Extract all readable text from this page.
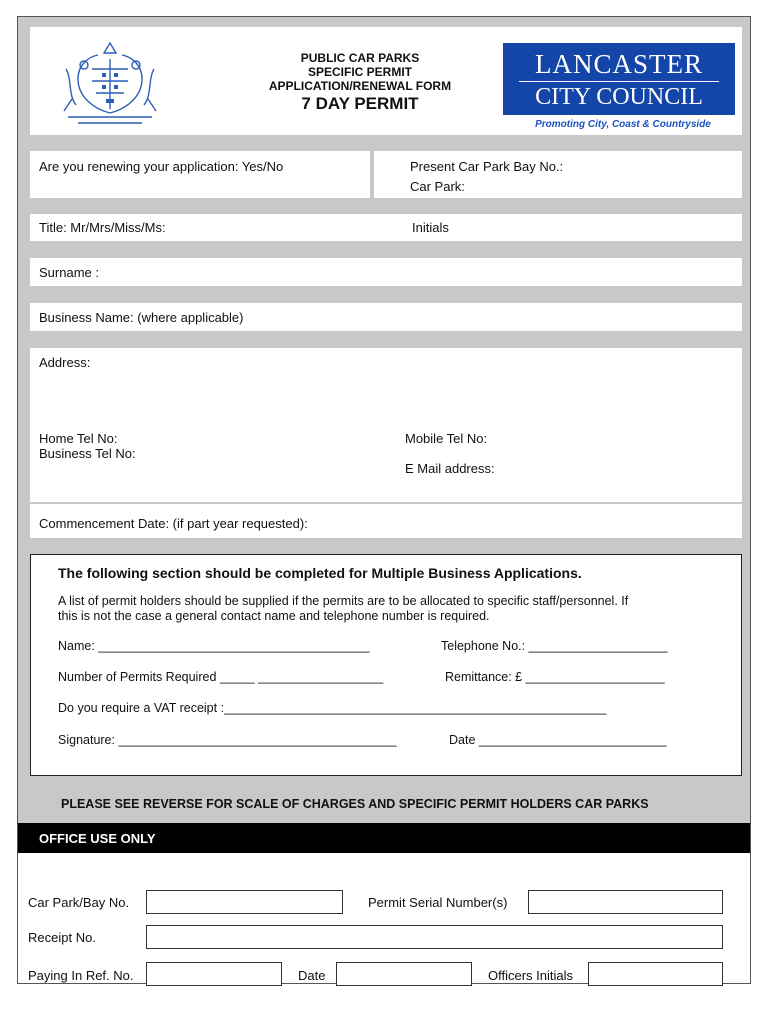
PUBLIC CAR PARKS
SPECIFIC PERMIT
APPLICATION/RENEWAL FORM
7 DAY PERMIT
LANCASTER
CITY COUNCIL
Promoting City, Coast & Countryside
Are you renewing your application: Yes/No	Present Car Park Bay No.:
Car Park:
Title: Mr/Mrs/Miss/Ms:	Initials
Surname :
Business Name: (where applicable)
Address:
Home Tel No:
Business Tel No:
Mobile Tel No:
E Mail address:
Commencement Date: (if part year requested):
The following section should be completed for Multiple Business Applications.
A list of permit holders should be supplied if the permits are to be allocated to specific staff/personnel. If
this is not the case a general contact name and telephone number is required.
Name: _______________________________________	Telephone No.: ____________________
Number of Permits Required _____ __________________	Remittance: £ ____________________
Do you require a VAT receipt :_______________________________________________________
Signature: ________________________________________	Date ___________________________
PLEASE SEE REVERSE FOR SCALE OF CHARGES AND SPECIFIC PERMIT HOLDERS CAR PARKS
OFFICE USE ONLY
Car Park/Bay No.	Permit Serial Number(s)
Receipt No.
Paying In Ref. No.	Date	Officers Initials
